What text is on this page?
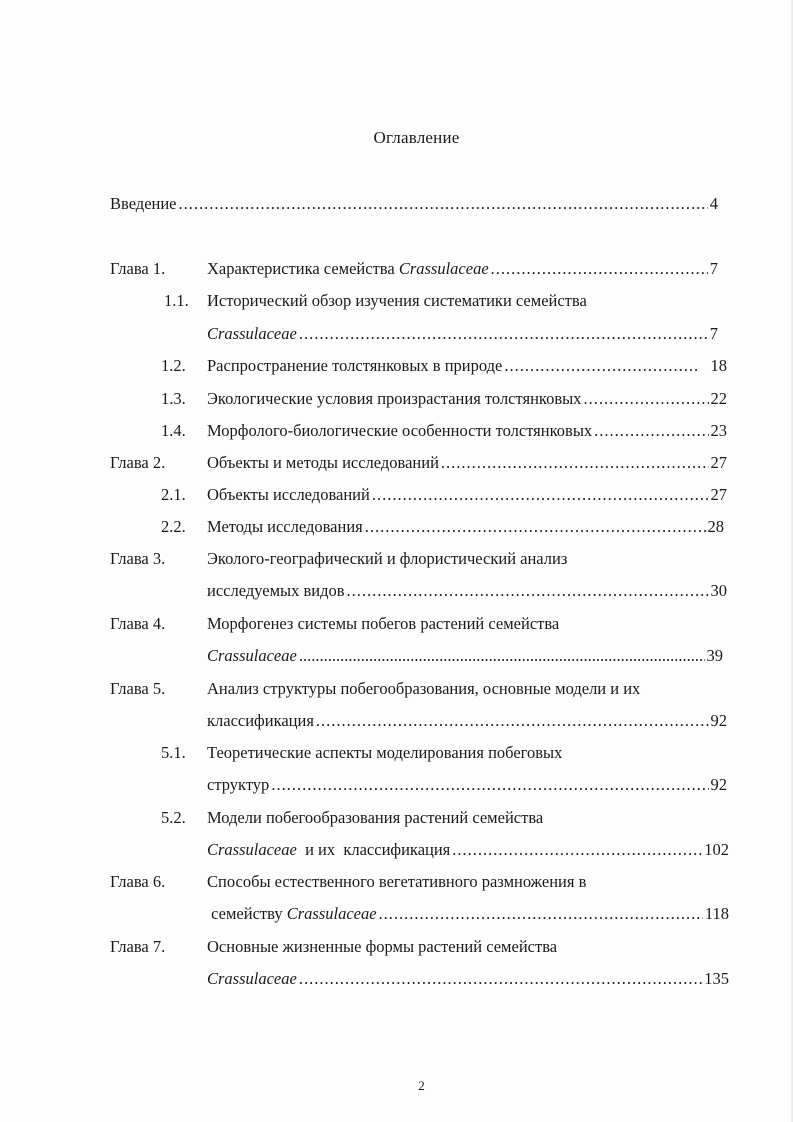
Оглавление
Введение .....	4
Глава 1.	Характеристика семейства Crassulaceae .....	7
1.1. Исторический обзор изучения систематики семейства
Crassulaceae .....	7
1.2. Распространение толстянковых в природе .....	18
1.3. Экологические условия произрастания толстянковых .....	22
1.4. Морфолого-биологические особенности толстянковых .....	23
Глава 2.	Объекты и методы исследований .....	27
2.1. Объекты исследований .....	27
2.2. Методы исследования .....	28
Глава 3.	Эколого-географический и флористический анализ
исследуемых видов .....	30
Глава 4.	Морфогенез системы побегов растений семейства
Crassulaceae .....	39
Глава 5.	Анализ структуры побегообразования, основные модели и их
классификация .....	92
5.1. Теоретические аспекты моделирования побеговых
структур .....	92
5.2. Модели побегообразования растений семейства
Crassulaceae  и их  классификация .....	102
Глава 6.	Способы естественного вегетативного размножения в
семейству Crassulaceae .....	118
Глава 7.	Основные жизненные формы растений семейства
Crassulaceae .....	135
2
